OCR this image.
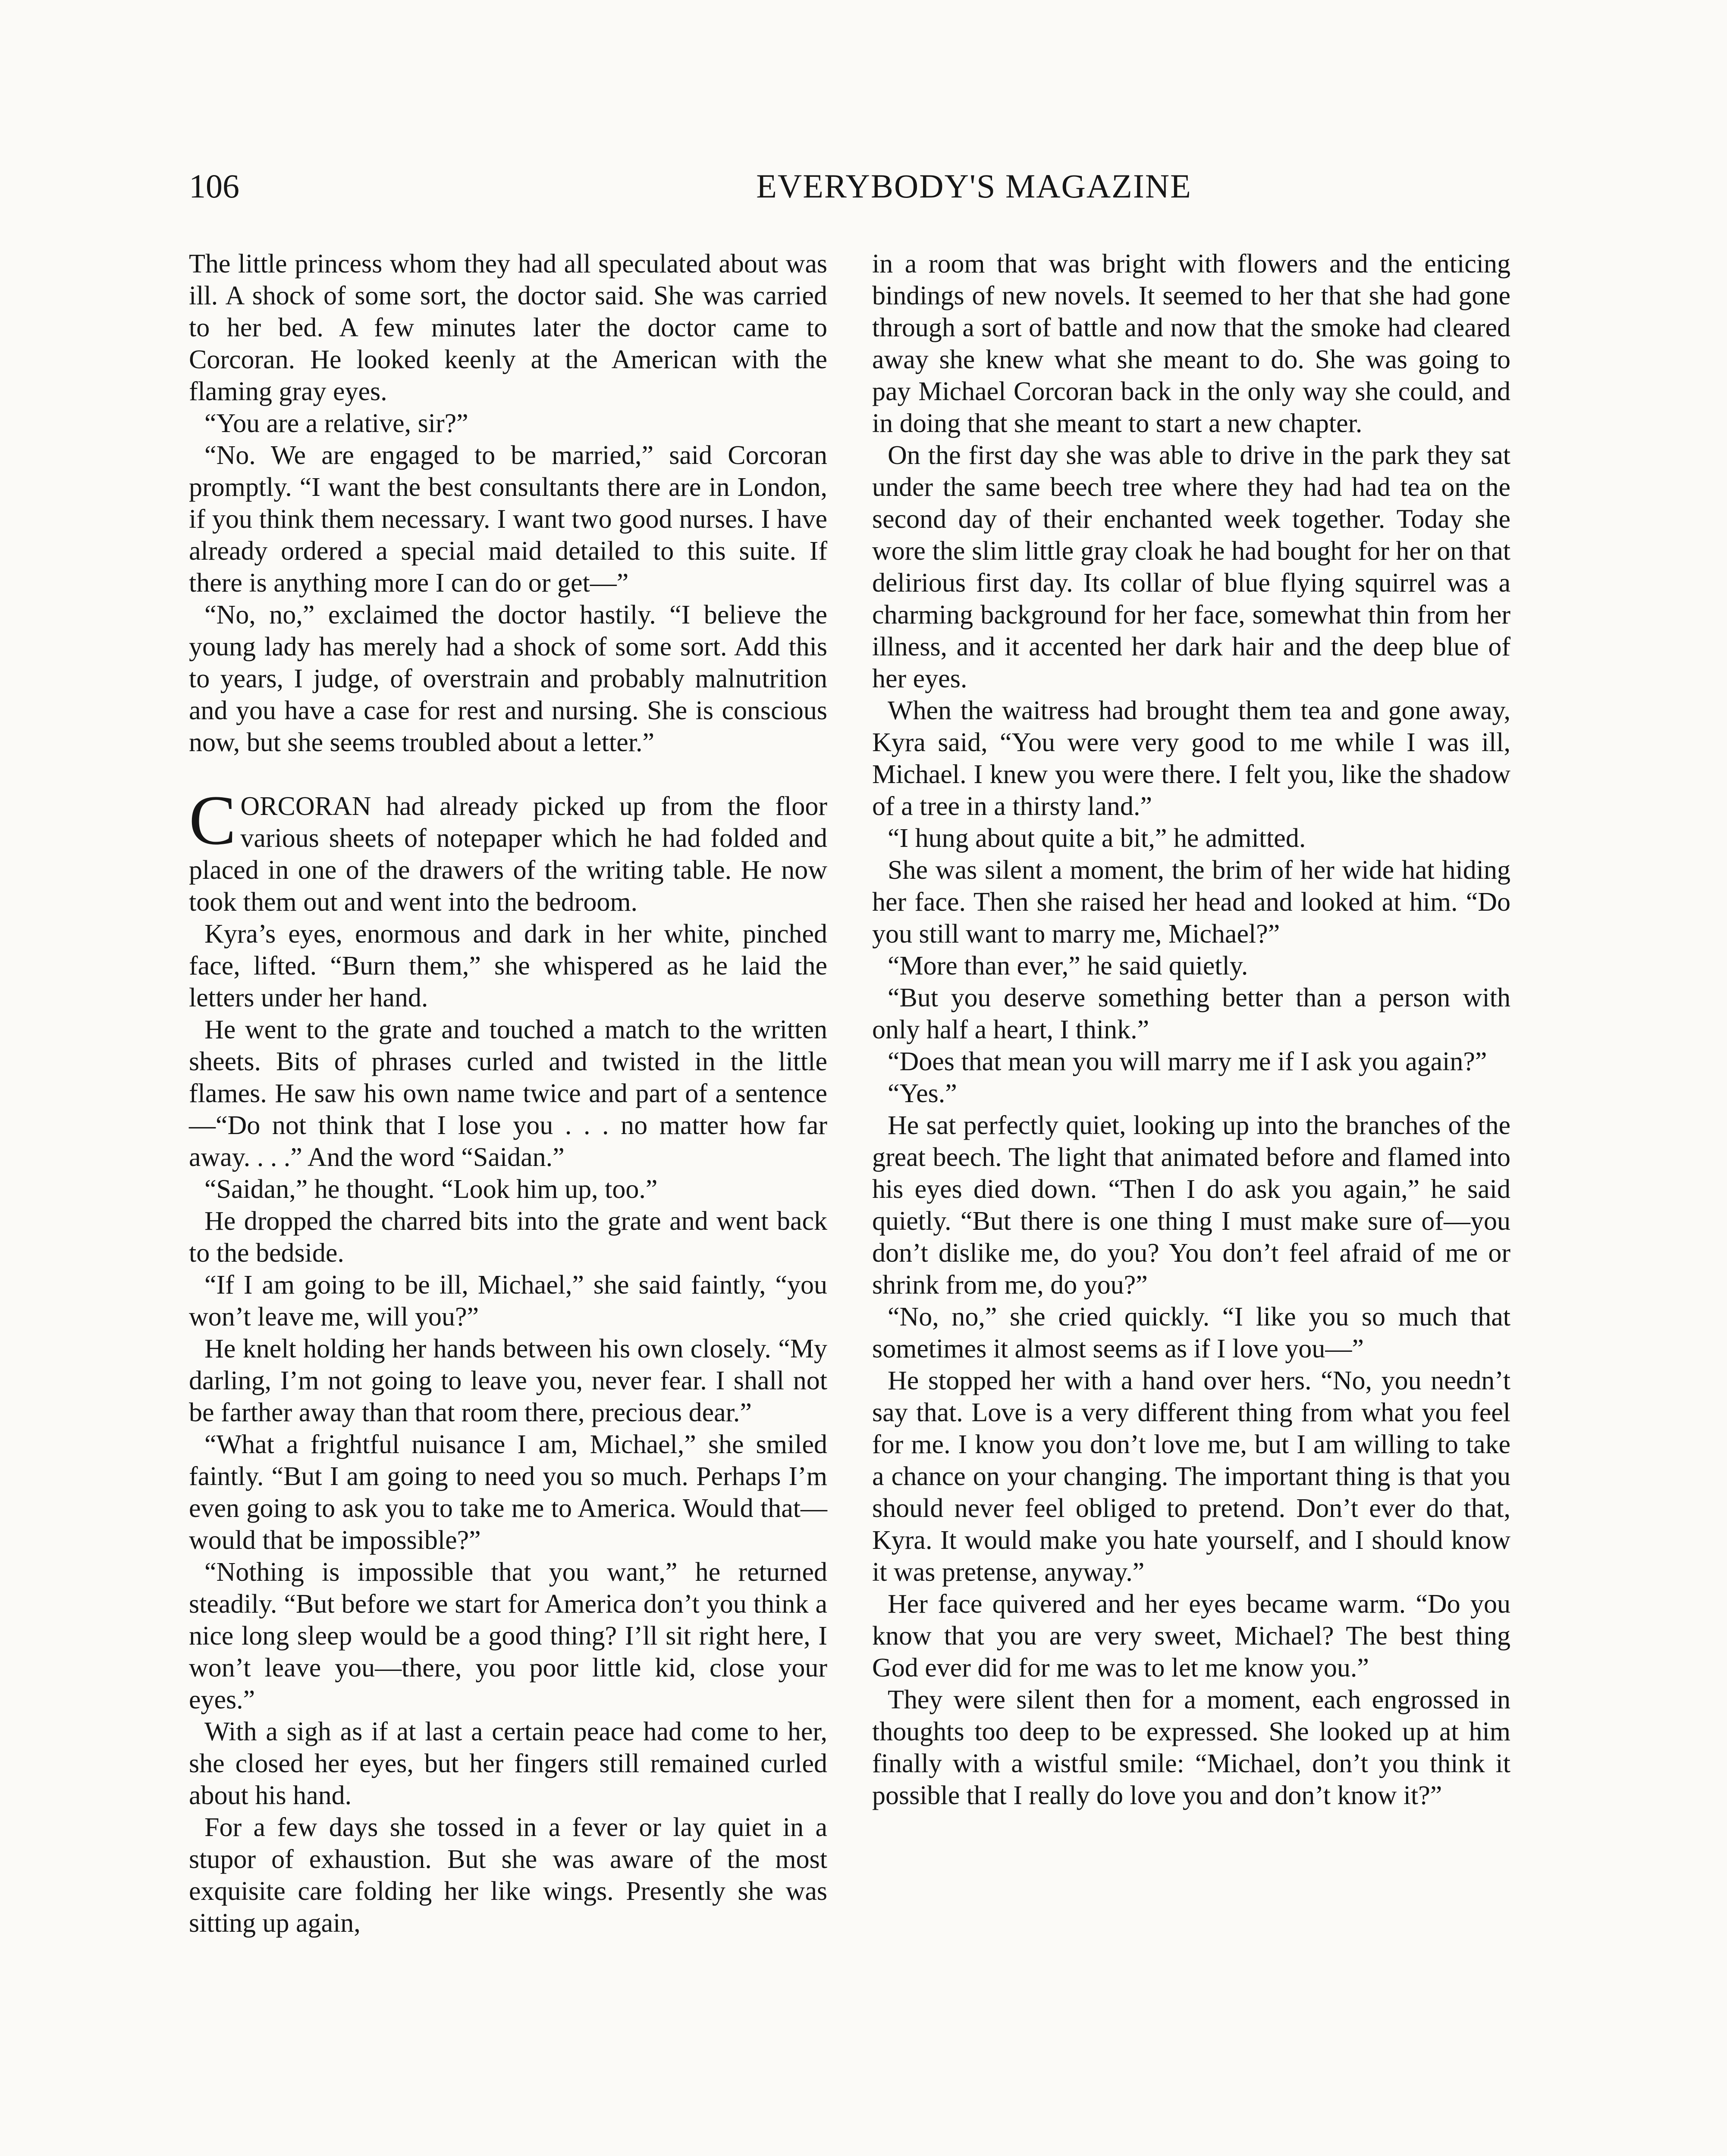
106	EVERYBODY'S MAGAZINE

The little princess whom they had all speculated about was ill. A shock of some sort, the doctor said. She was carried to her bed. A few minutes later the doctor came to Corcoran. He looked keenly at the American with the flaming gray eyes.

“You are a relative, sir?”

“No. We are engaged to be married,” said Corcoran promptly. “I want the best consultants there are in London, if you think them necessary. I want two good nurses. I have already ordered a special maid detailed to this suite. If there is anything more I can do or get—”

“No, no,” exclaimed the doctor hastily. “I believe the young lady has merely had a shock of some sort. Add this to years, I judge, of overstrain and probably malnutrition and you have a case for rest and nursing. She is conscious now, but she seems troubled about a letter.”

CORCORAN had already picked up from the floor various sheets of notepaper which he had folded and placed in one of the drawers of the writing table. He now took them out and went into the bedroom.

Kyra’s eyes, enormous and dark in her white, pinched face, lifted. “Burn them,” she whispered as he laid the letters under her hand.

He went to the grate and touched a match to the written sheets. Bits of phrases curled and twisted in the little flames. He saw his own name twice and part of a sentence—“Do not think that I lose you . . . no matter how far away. . . .” And the word “Saidan.”

“Saidan,” he thought. “Look him up, too.”

He dropped the charred bits into the grate and went back to the bedside.

“If I am going to be ill, Michael,” she said faintly, “you won’t leave me, will you?”

He knelt holding her hands between his own closely. “My darling, I’m not going to leave you, never fear. I shall not be farther away than that room there, precious dear.”

“What a frightful nuisance I am, Michael,” she smiled faintly. “But I am going to need you so much. Perhaps I’m even going to ask you to take me to America. Would that—would that be impossible?”

“Nothing is impossible that you want,” he returned steadily. “But before we start for America don’t you think a nice long sleep would be a good thing? I’ll sit right here, I won’t leave you—there, you poor little kid, close your eyes.”

With a sigh as if at last a certain peace had come to her, she closed her eyes, but her fingers still remained curled about his hand.

For a few days she tossed in a fever or lay quiet in a stupor of exhaustion. But she was aware of the most exquisite care folding her like wings. Presently she was sitting up again,

in a room that was bright with flowers and the enticing bindings of new novels. It seemed to her that she had gone through a sort of battle and now that the smoke had cleared away she knew what she meant to do. She was going to pay Michael Corcoran back in the only way she could, and in doing that she meant to start a new chapter.

On the first day she was able to drive in the park they sat under the same beech tree where they had had tea on the second day of their enchanted week together. Today she wore the slim little gray cloak he had bought for her on that delirious first day. Its collar of blue flying squirrel was a charming background for her face, somewhat thin from her illness, and it accented her dark hair and the deep blue of her eyes.

When the waitress had brought them tea and gone away, Kyra said, “You were very good to me while I was ill, Michael. I knew you were there. I felt you, like the shadow of a tree in a thirsty land.”

“I hung about quite a bit,” he admitted.

She was silent a moment, the brim of her wide hat hiding her face. Then she raised her head and looked at him. “Do you still want to marry me, Michael?”

“More than ever,” he said quietly.

“But you deserve something better than a person with only half a heart, I think.”

“Does that mean you will marry me if I ask you again?”

“Yes.”

He sat perfectly quiet, looking up into the branches of the great beech. The light that animated before and flamed into his eyes died down. “Then I do ask you again,” he said quietly. “But there is one thing I must make sure of—you don’t dislike me, do you? You don’t feel afraid of me or shrink from me, do you?”

“No, no,” she cried quickly. “I like you so much that sometimes it almost seems as if I love you—”

He stopped her with a hand over hers. “No, you needn’t say that. Love is a very different thing from what you feel for me. I know you don’t love me, but I am willing to take a chance on your changing. The important thing is that you should never feel obliged to pretend. Don’t ever do that, Kyra. It would make you hate yourself, and I should know it was pretense, anyway.”

Her face quivered and her eyes became warm. “Do you know that you are very sweet, Michael? The best thing God ever did for me was to let me know you.”

They were silent then for a moment, each engrossed in thoughts too deep to be expressed. She looked up at him finally with a wistful smile: “Michael, don’t you think it possible that I really do love you and don’t know it?”
